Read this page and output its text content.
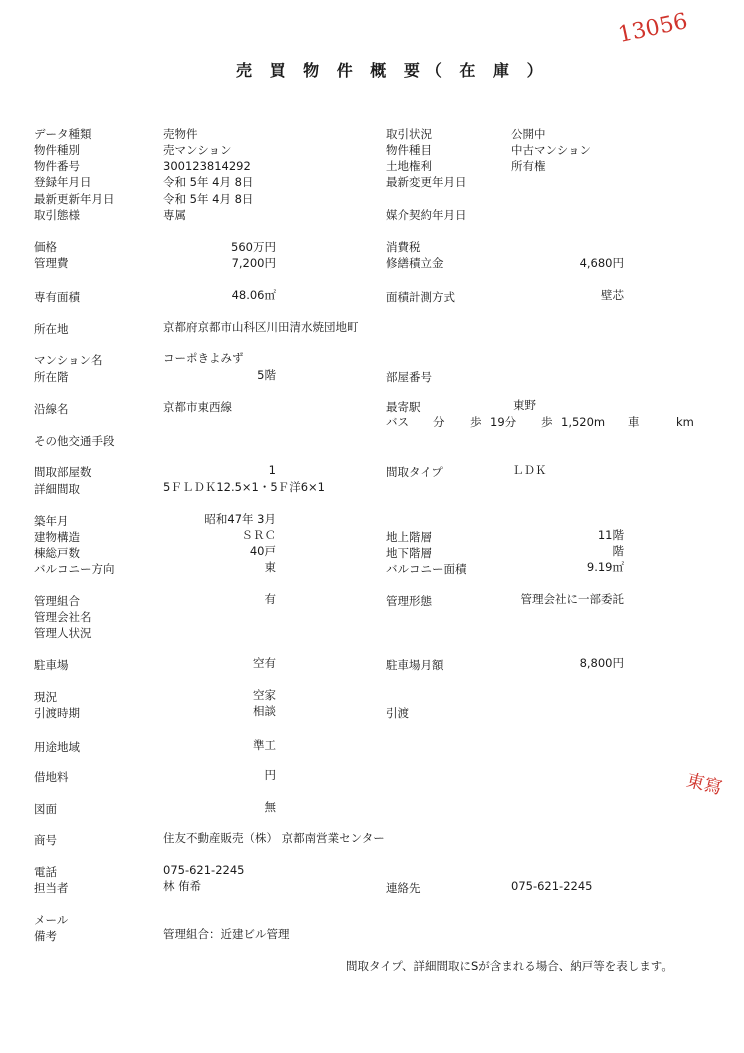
売 買 物 件 概 要（ 在 庫 ）
13056
東寫
データ種類	売物件	取引状況	公開中
物件種別	売マンション	物件種目	中古マンション
物件番号	300123814292	土地権利	所有権
登録年月日	令和 5年 4月 8日	最新変更年月日
最新更新年月日	令和 5年 4月 8日
取引態様	専属	媒介契約年月日
価格	560万円	消費税
管理費	7,200円	修繕積立金	4,680円
専有面積	48.06㎡	面積計測方式	壁芯
所在地	京都府京都市山科区川田清水焼団地町
マンション名	コーポきよみず
所在階	5階	部屋番号
沿線名	京都市東西線	最寄駅	東野
バス 分 歩 19分 歩 1,520m 車	km
その他交通手段
間取部屋数	1	間取タイプ	ＬＤＫ
詳細間取	5ＦＬＤＫ12.5×1・5Ｆ洋6×1
築年月	昭和47年 3月
建物構造	ＳＲＣ	地上階層	11階
棟総戸数	40戸	地下階層	階
バルコニー方向	東	バルコニー面積	9.19㎡
管理組合	有	管理形態	管理会社に一部委託
管理会社名
管理人状況
駐車場	空有	駐車場月額	8,800円
現況	空家
引渡時期	相談	引渡
用途地域	準工
借地料	円
図面	無
商号	住友不動産販売（株） 京都南営業センター
電話	075-621-2245
担当者	林 侑希	連絡先	075-621-2245
メール
備考	管理組合：近建ビル管理
間取タイプ、詳細間取にSが含まれる場合、納戸等を表します。
